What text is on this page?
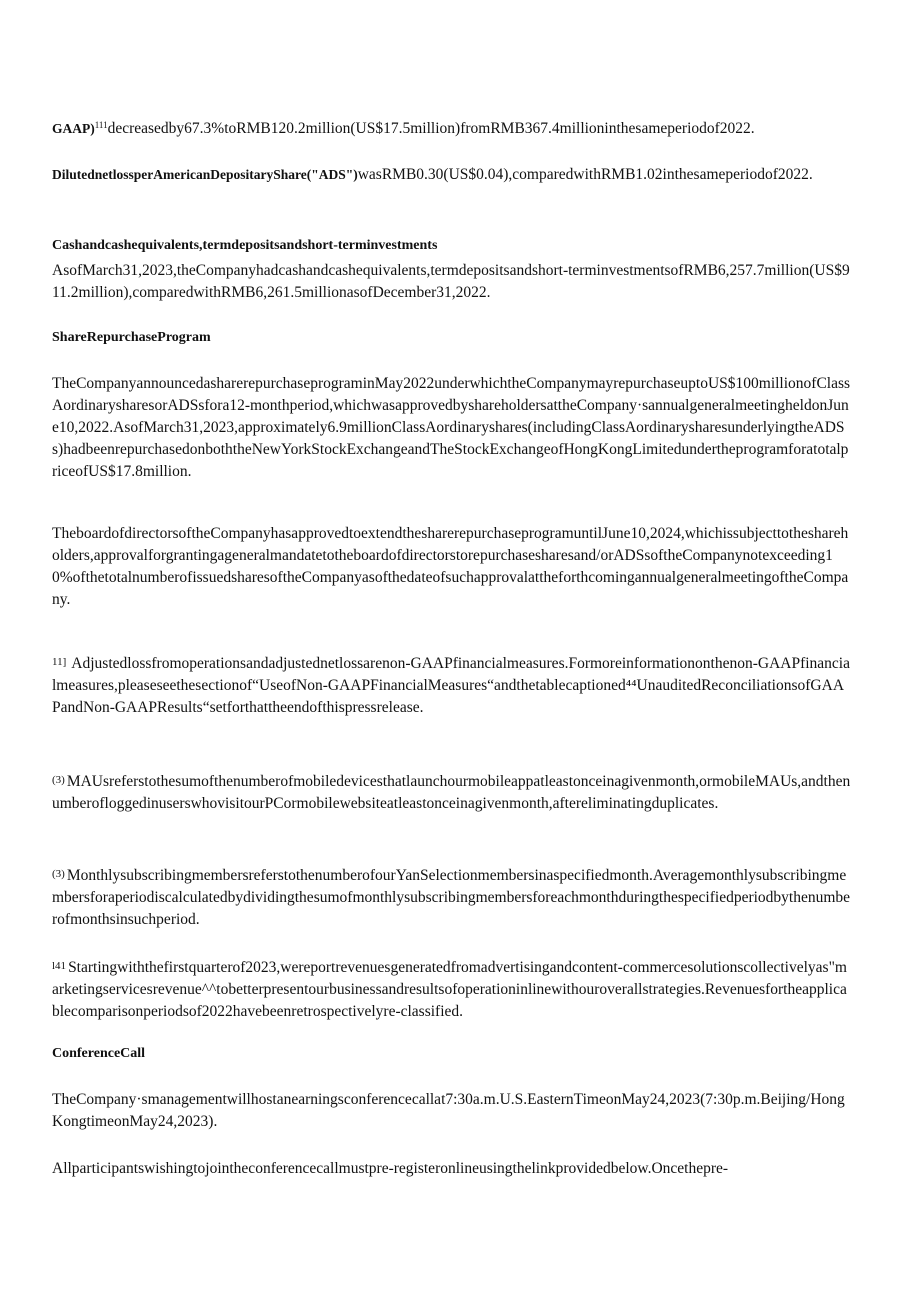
GAAP)$^{111}$decreasedby67.3%toRMB120.2million(US$17.5million)fromRMB367.4millioninthesameperiodof2022.

DilutednetlossperAmericanDepositaryShare("ADS")wasRMB0.30(US$0.04),comparedwithRMB1.02inthesameperiodof2022.

Cashandcashequivalents,termdepositsandshort-terminvestments

AsofMarch31,2023,theCompanyhadcashandcashequivalents,termdepositsandshort-terminvestmentsofRMB6,257.7million(US$911.2million),comparedwithRMB6,261.5millionasofDecember31,2022.

ShareRepurchaseProgram

TheCompanyannouncedasharerepurchaseprograminMay2022underwhichtheCompanymayrepurchaseuptoUS$100millionofClassAordinarysharesorADSsfora12-monthperiod,whichwasapprovedbyshareholdersattheCompany·sannualgeneralmeetingheldonJune10,2022.AsofMarch31,2023,approximately6.9millionClassAordinaryshares(includingClassAordinarysharesunderlyingtheADSs)hadbeenrepurchasedonboththeNewYorkStockExchangeandTheStockExchangeofHongKongLimitedundertheprogramforatotalpriceofUS$17.8million.

TheboardofdirectorsoftheCompanyhasapprovedtoextendthesharerepurchaseprogramuntilJune10,2024,whichissubjecttotheshareholders,approvalforgrantingageneralmandatetotheboardofdirectorstorepurchasesharesand/orADSsoftheCompanynotexceeding10%ofthetotalnumberofissuedsharesoftheCompanyasofthedateofsuchapprovalattheforthcomingannualgeneralmeetingoftheCompany.

11] Adjustedlossfromoperationsandadjustednetlossarenon-GAAPfinancialmeasures.Formoreinformationonthenon-GAAPfinancialmeasures,pleaseseethesectionof“UseofNon-GAAPFinancialMeasures“andthetablecaptioned⁴⁴UnauditedReconciliationsofGAAPandNon-GAAPResults“setforthattheendofthispressrelease.

(3) MAUsreferstothesumofthenumberofmobiledevicesthatlaunchourmobileappatleastonceinagivenmonth,ormobileMAUs,andthenumberofloggedinuserswhovisitourPCormobilewebsiteatleastonceinagivenmonth,aftereliminatingduplicates.

(3) MonthlysubscribingmembersreferstothenumberofourYanSelectionmembersinaspecifiedmonth.Averagemonthlysubscribingmembersforaperiodiscalculatedbydividingthesumofmonthlysubscribingmembersforeachmonthduringthespecifiedperiodbythenumberofmonthsinsuchperiod.

l41 Startingwiththefirstquarterof2023,wereportrevenuesgeneratedfromadvertisingandcontent-commercesolutionscollectivelyas"marketingservicesrevenue^^tobetterpresentourbusinessandresultsofoperationinlinewithouroverallstrategies.Revenuesfortheapplicablecomparisonperiodsof2022havebeenretrospectivelyre-classified.

ConferenceCall

TheCompany·smanagementwillhostanearningsconferencecallat7:30a.m.U.S.EasternTimeonMay24,2023(7:30p.m.Beijing/HongKongtimeonMay24,2023).

Allparticipantswishingtojointheconferencecallmustpre-registeronlineusingthelinkprovidedbelow.Oncethepre-
